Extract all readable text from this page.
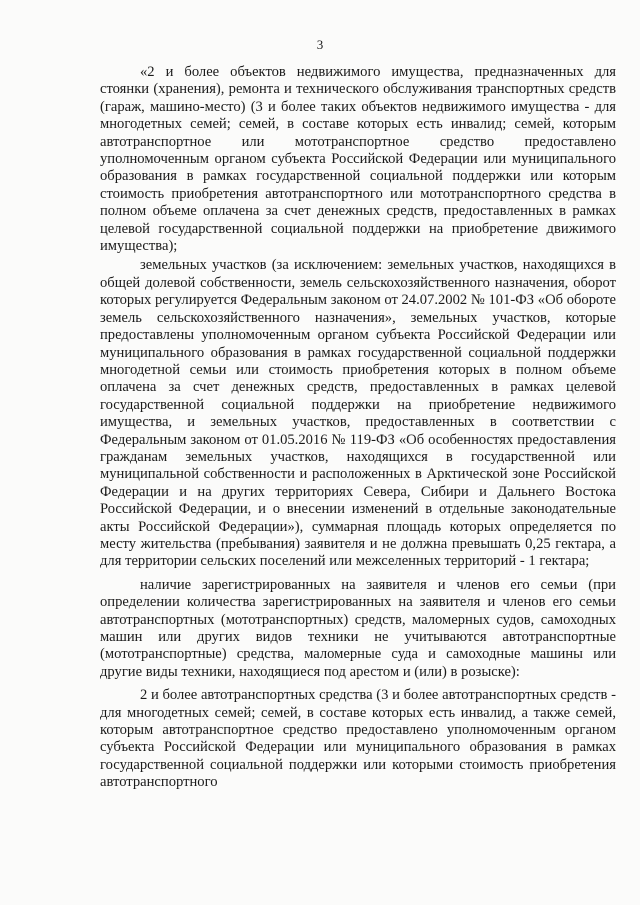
3

«2 и более объектов недвижимого имущества, предназначенных для стоянки (хранения), ремонта и технического обслуживания транспортных средств (гараж, машино-место) (3 и более таких объектов недвижимого имущества - для многодетных семей; семей, в составе которых есть инвалид; семей, которым автотранспортное или мототранспортное средство предоставлено уполномоченным органом субъекта Российской Федерации или муниципального образования в рамках государственной социальной поддержки или которым стоимость приобретения автотранспортного или мототранспортного средства в полном объеме оплачена за счет денежных средств, предоставленных в рамках целевой государственной социальной поддержки на приобретение движимого имущества);

земельных участков (за исключением: земельных участков, находящихся в общей долевой собственности, земель сельскохозяйственного назначения, оборот которых регулируется Федеральным законом от 24.07.2002 № 101-ФЗ «Об обороте земель сельскохозяйственного назначения», земельных участков, которые предоставлены уполномоченным органом субъекта Российской Федерации или муниципального образования в рамках государственной социальной поддержки многодетной семьи или стоимость приобретения которых в полном объеме оплачена за счет денежных средств, предоставленных в рамках целевой государственной социальной поддержки на приобретение недвижимого имущества, и земельных участков, предоставленных в соответствии с Федеральным законом от 01.05.2016 № 119-ФЗ «Об особенностях предоставления гражданам земельных участков, находящихся в государственной или муниципальной собственности и расположенных в Арктической зоне Российской Федерации и на других территориях Севера, Сибири и Дальнего Востока Российской Федерации, и о внесении изменений в отдельные законодательные акты Российской Федерации»), суммарная площадь которых определяется по месту жительства (пребывания) заявителя и не должна превышать 0,25 гектара, а для территории сельских поселений или межселенных территорий - 1 гектара;

наличие зарегистрированных на заявителя и членов его семьи (при определении количества зарегистрированных на заявителя и членов его семьи автотранспортных (мототранспортных) средств, маломерных судов, самоходных машин или других видов техники не учитываются автотранспортные (мототранспортные) средства, маломерные суда и самоходные машины или другие виды техники, находящиеся под арестом и (или) в розыске):

2 и более автотранспортных средства (3 и более автотранспортных средств - для многодетных семей; семей, в составе которых есть инвалид, а также семей, которым автотранспортное средство предоставлено уполномоченным органом субъекта Российской Федерации или муниципального образования в рамках государственной социальной поддержки или которыми стоимость приобретения автотранспортного
